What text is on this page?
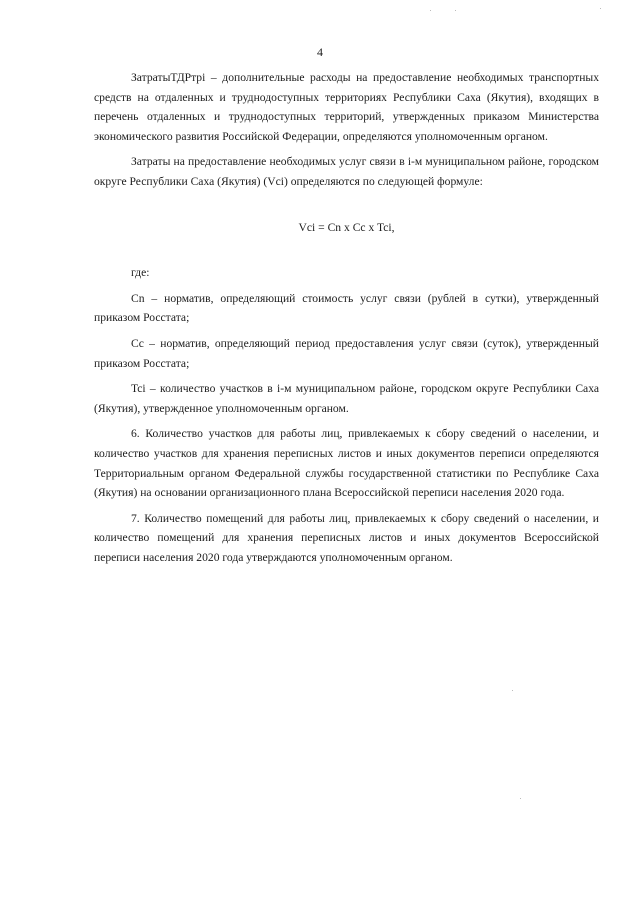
4

ЗатратыТДРтрi – дополнительные расходы на предоставление необходимых транспортных средств на отдаленных и труднодоступных территориях Республики Саха (Якутия), входящих в перечень отдаленных и труднодоступных территорий, утвержденных приказом Министерства экономического развития Российской Федерации, определяются уполномоченным органом.

Затраты на предоставление необходимых услуг связи в i-м муниципальном районе, городском округе Республики Саха (Якутия) (Vci) определяются по следующей формуле:

Vci = Cn x Cc x Tci,

где:

Cn – норматив, определяющий стоимость услуг связи (рублей в сутки), утвержденный приказом Росстата;

Cc – норматив, определяющий период предоставления услуг связи (суток), утвержденный приказом Росстата;

Tci – количество участков в i-м муниципальном районе, городском округе Республики Саха (Якутия), утвержденное уполномоченным органом.

6. Количество участков для работы лиц, привлекаемых к сбору сведений о населении, и количество участков для хранения переписных листов и иных документов переписи определяются Территориальным органом Федеральной службы государственной статистики по Республике Саха (Якутия) на основании организационного плана Всероссийской переписи населения 2020 года.

7. Количество помещений для работы лиц, привлекаемых к сбору сведений о населении, и количество помещений для хранения переписных листов и иных документов Всероссийской переписи населения 2020 года утверждаются уполномоченным органом.
